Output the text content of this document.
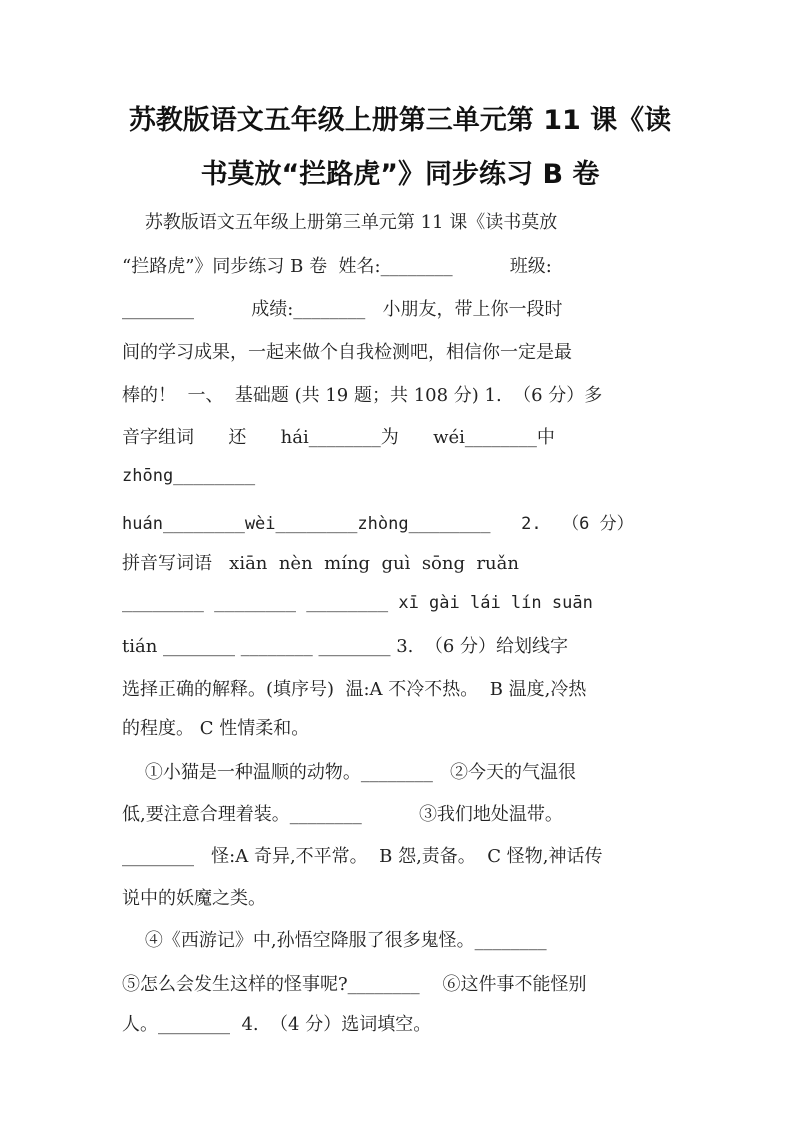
苏教版语文五年级上册第三单元第 11 课《读
书莫放“拦路虎”》同步练习 B 卷
苏教版语文五年级上册第三单元第 11 课《读书莫放
“拦路虎”》同步练习 B 卷  姓名:________          班级:
________          成绩:________   小朋友，带上你一段时
间的学习成果，一起来做个自我检测吧，相信你一定是最
棒的！  一、  基础题 (共 19 题；共 108 分) 1.  （6 分）多
音字组词      还      hái________为      wéi________中
zhōng________
huán________wèi________zhòng________   2.  （6 分）
拼音写词语   xiān  nèn  míng  guì  sōng  ruǎn
________ ________ ________ xī gài lái lín suān
tián ________ ________ ________ 3.  （6 分）给划线字
选择正确的解释。(填序号)  温:A 不冷不热。  B 温度,冷热
的程度。 C 性情柔和。
①小猫是一种温顺的动物。________   ②今天的气温很
低,要注意合理着装。________          ③我们地处温带。
________   怪:A 奇异,不平常。  B 怨,责备。  C 怪物,神话传
说中的妖魔之类。
④《西游记》中,孙悟空降服了很多鬼怪。________
⑤怎么会发生这样的怪事呢?________    ⑥这件事不能怪别
人。________  4.  （4 分）选词填空。
